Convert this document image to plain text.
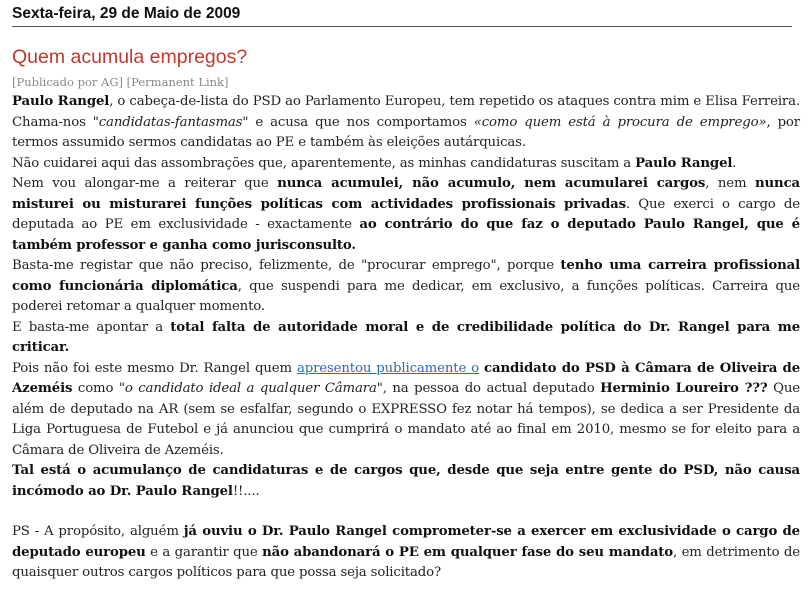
Sexta-feira, 29 de Maio de 2009
Quem acumula empregos?
[Publicado por AG] [Permanent Link]

Paulo Rangel, o cabeça-de-lista do PSD ao Parlamento Europeu, tem repetido os ataques contra mim e Elisa Ferreira. Chama-nos "candidatas-fantasmas" e acusa que nos comportamos «como quem está à procura de emprego», por termos assumido sermos candidatas ao PE e também às eleições autárquicas.

Não cuidarei aqui das assombrações que, aparentemente, as minhas candidaturas suscitam a Paulo Rangel.

Nem vou alongar-me a reiterar que nunca acumulei, não acumulo, nem acumularei cargos, nem nunca misturei ou misturarei funções políticas com actividades profissionais privadas. Que exerci o cargo de deputada ao PE em exclusividade - exactamente ao contrário do que faz o deputado Paulo Rangel, que é também professor e ganha como jurisconsulto.

Basta-me registar que não preciso, felizmente, de "procurar emprego", porque tenho uma carreira profissional como funcionária diplomática, que suspendi para me dedicar, em exclusivo, a funções políticas. Carreira que poderei retomar a qualquer momento.

E basta-me apontar a total falta de autoridade moral e de credibilidade política do Dr. Rangel para me criticar.

Pois não foi este mesmo Dr. Rangel quem apresentou publicamente o candidato do PSD à Câmara de Oliveira de Azeméis como "o candidato ideal a qualquer Câmara", na pessoa do actual deputado Herminio Loureiro ??? Que além de deputado na AR (sem se esfalfar, segundo o EXPRESSO fez notar há tempos), se dedica a ser Presidente da Liga Portuguesa de Futebol e já anunciou que cumprirá o mandato até ao final em 2010, mesmo se for eleito para a Câmara de Oliveira de Azeméis.

Tal está o acumulanço de candidaturas e de cargos que, desde que seja entre gente do PSD, não causa incómodo ao Dr. Paulo Rangel!!....

PS - A propósito, alguém já ouviu o Dr. Paulo Rangel comprometer-se a exercer em exclusividade o cargo de deputado europeu e a garantir que não abandonará o PE em qualquer fase do seu mandato, em detrimento de quaisquer outros cargos políticos para que possa seja solicitado?
